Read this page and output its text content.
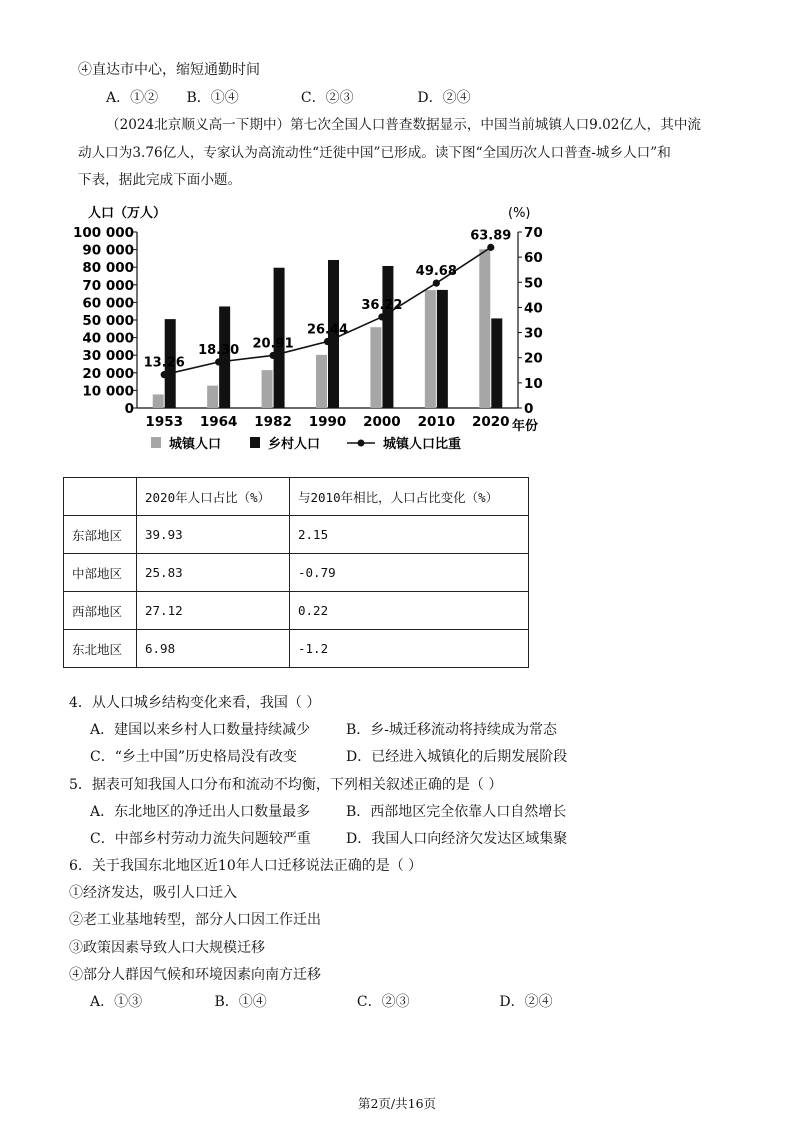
④直达市中心，缩短通勤时间
A．①② B．①④	C．②③	D．②④
（2024北京顺义高一下期中）第七次全国人口普查数据显示，中国当前城镇人口9.02亿人，其中流
动人口为3.76亿人，专家认为高流动性“迁徙中国”已形成。读下图“全国历次人口普查-城乡人口”和
下表，据此完成下面小题。
人口（万人）	(%)
年份
0
10 000
20 000
30 000
40 000
50 000
60 000
70 000
80 000
90 000
100 000
0
10
20
30
40
50
60
70
1953 1964 1982 1990 2000 2010 2020
13.26
18.30 20.91
26.44
36.22
49.68
63.89
城镇人口	乡村人口	城镇人口比重
	2020年人口占比（%）	与2010年相比，人口占比变化（%）
东部地区	39.93	2.15
中部地区	25.83	-0.79
西部地区	27.12	0.22
东北地区	6.98	-1.2
4．从人口城乡结构变化来看，我国（ ）
A．建国以来乡村人口数量持续减少	B．乡-城迁移流动将持续成为常态
C．“乡土中国”历史格局没有改变	D．已经进入城镇化的后期发展阶段
5．据表可知我国人口分布和流动不均衡，下列相关叙述正确的是（ ）
A．东北地区的净迁出人口数量最多	B．西部地区完全依靠人口自然增长
C．中部乡村劳动力流失问题较严重	D．我国人口向经济欠发达区域集聚
6．关于我国东北地区近10年人口迁移说法正确的是（ ）
①经济发达，吸引人口迁入
②老工业基地转型，部分人口因工作迁出
③政策因素导致人口大规模迁移
④部分人群因气候和环境因素向南方迁移
A．①③	B．①④	C．②③	D．②④
第2页/共16页
